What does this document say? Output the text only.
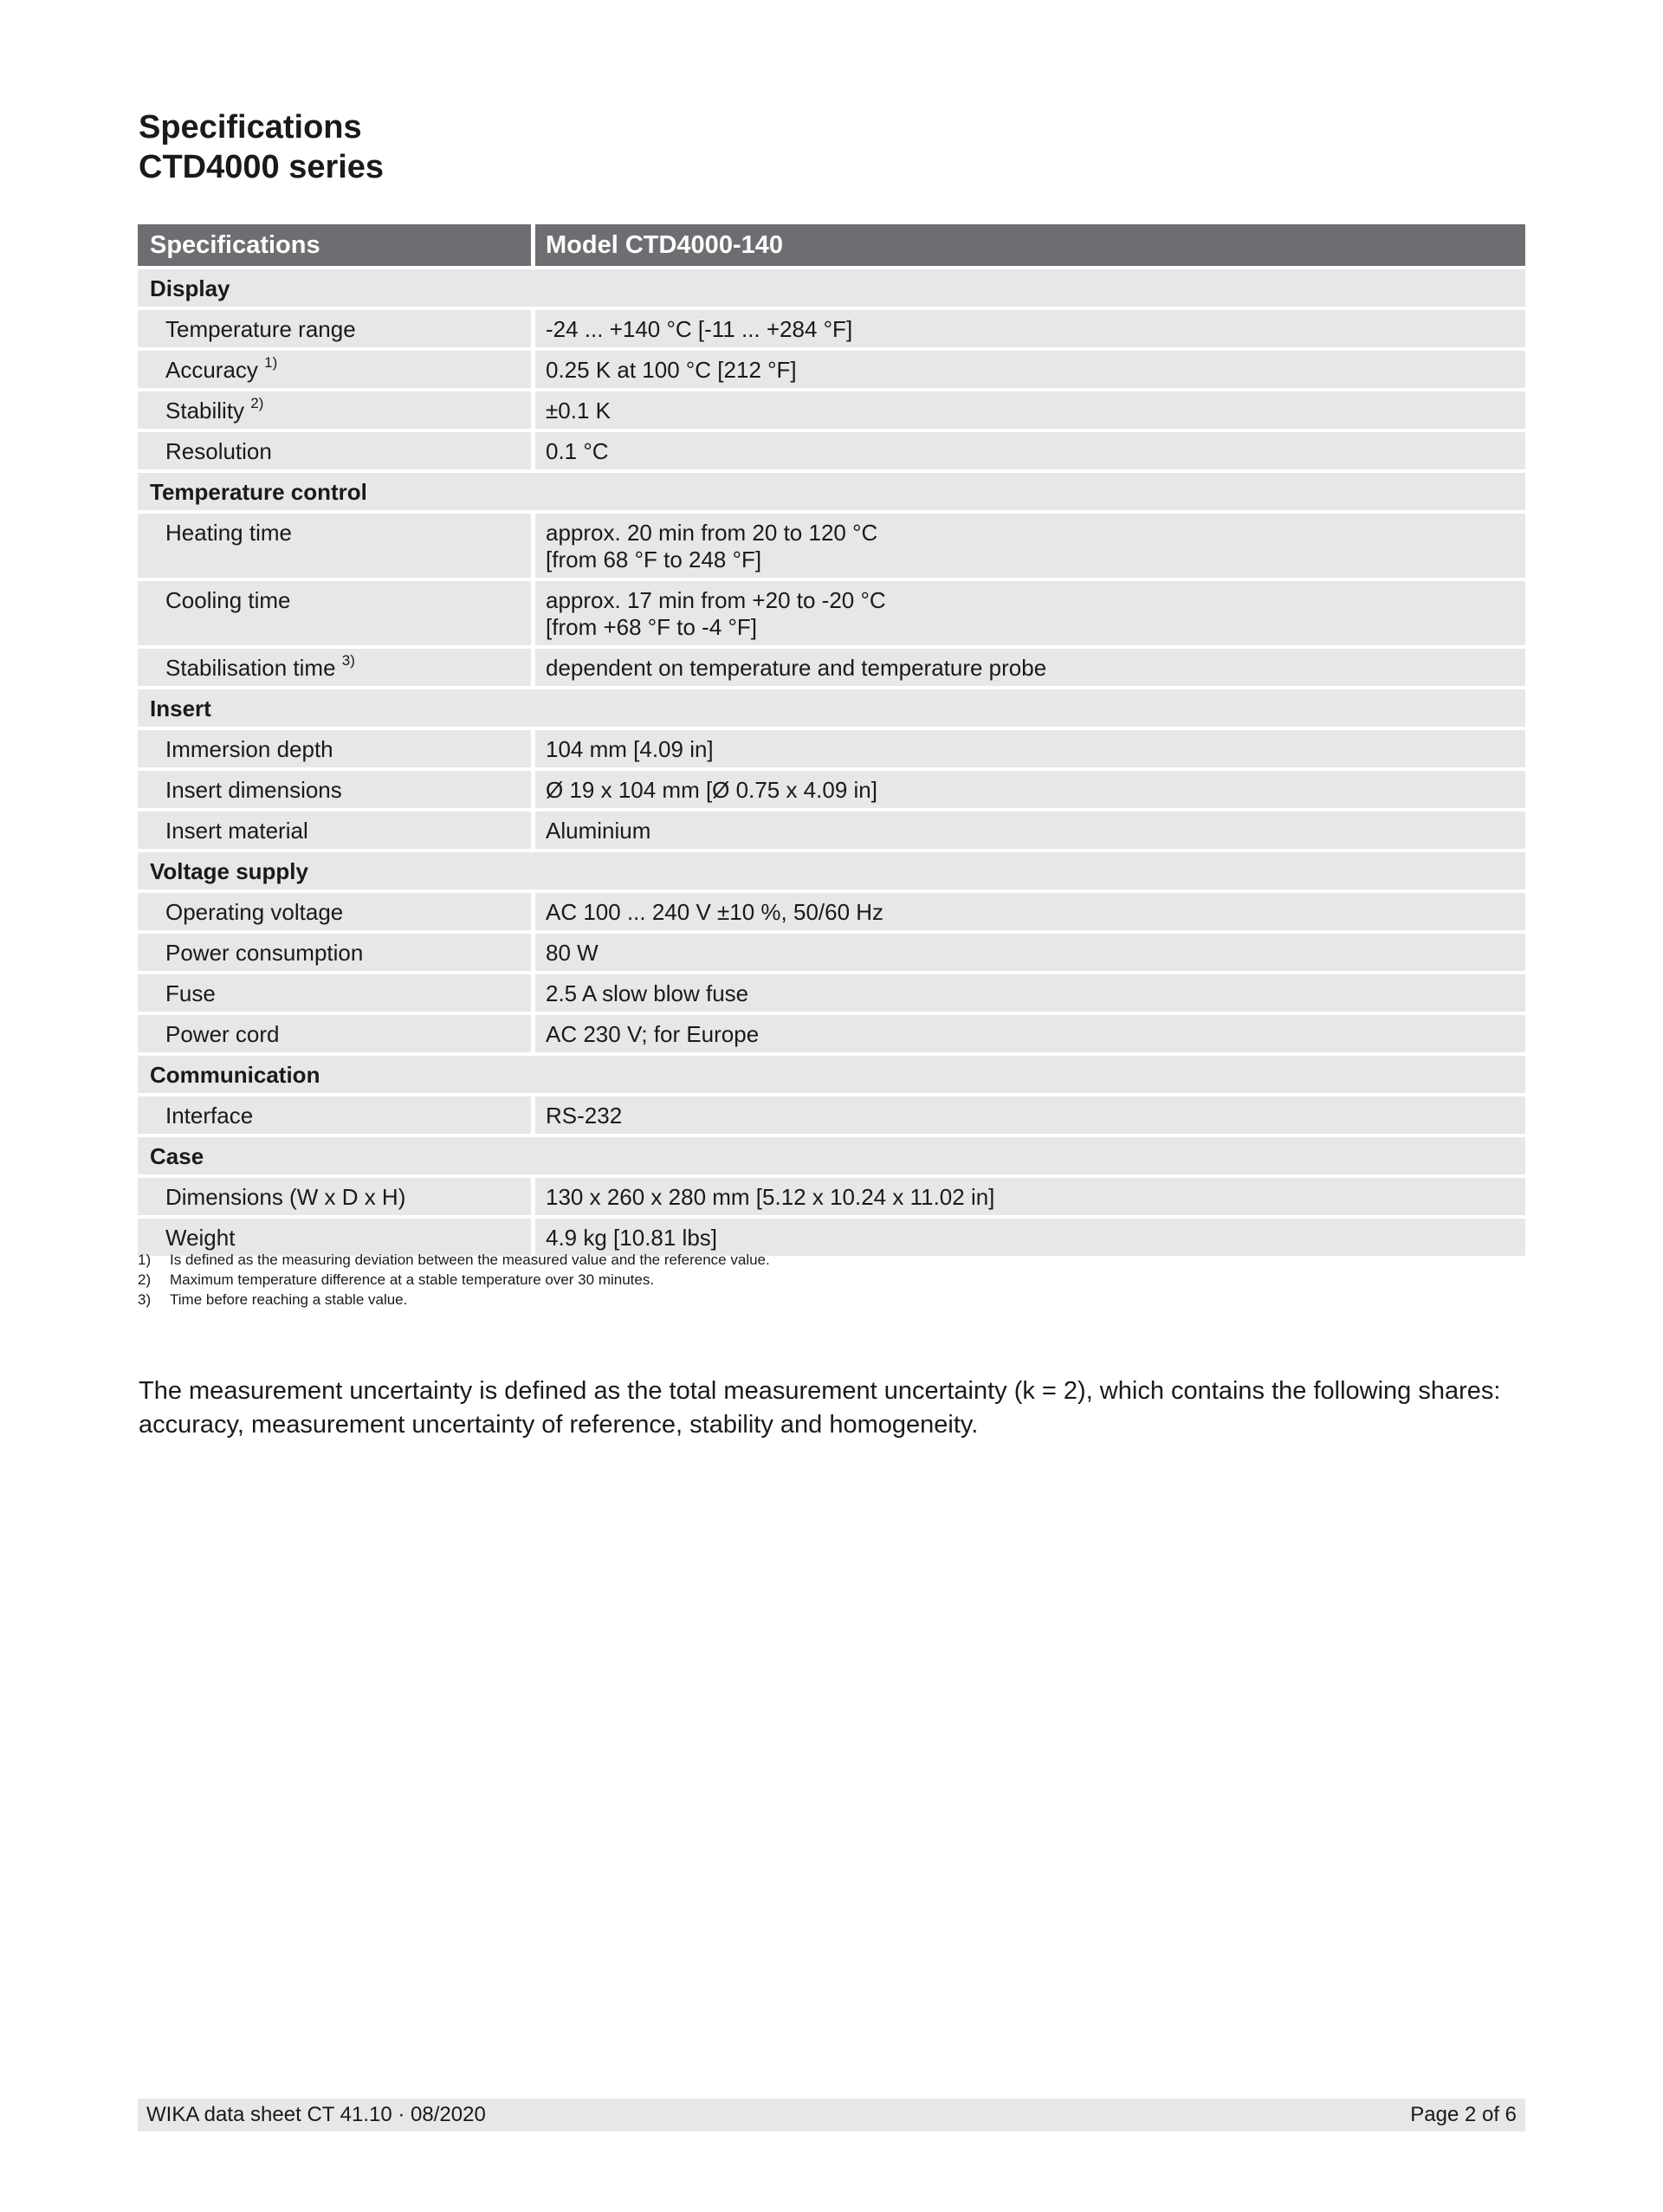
Specifications
CTD4000 series
Specifications	Model CTD4000-140
Display	
Temperature range	-24 ... +140 °C [-11 ... +284 °F]
Accuracy $^{1)}$	0.25 K at 100 °C [212 °F]
Stability $^{2)}$	±0.1 K
Resolution	0.1 °C
Temperature control	
Heating time	approx. 20 min from 20 to 120 °C
[from 68 °F to 248 °F]
Cooling time	approx. 17 min from +20 to -20 °C
[from +68 °F to -4 °F]
Stabilisation time $^{3)}$	dependent on temperature and temperature probe
Insert	
Immersion depth	104 mm [4.09 in]
Insert dimensions	Ø 19 x 104 mm [Ø 0.75 x 4.09 in]
Insert material	Aluminium
Voltage supply	
Operating voltage	AC 100 ... 240 V ±10 %, 50/60 Hz
Power consumption	80 W
Fuse	2.5 A slow blow fuse
Power cord	AC 230 V; for Europe
Communication	
Interface	RS-232
Case	
Dimensions (W x D x H)	130 x 260 x 280 mm [5.12 x 10.24 x 11.02 in]
Weight	4.9 kg [10.81 lbs]
1)	Is defined as the measuring deviation between the measured value and the reference value.
2)	Maximum temperature difference at a stable temperature over 30 minutes.
3)	Time before reaching a stable value.

The measurement uncertainty is defined as the total measurement uncertainty (k = 2), which contains the following shares: accuracy, measurement uncertainty of reference, stability and homogeneity.

WIKA data sheet CT 41.10 · 08/2020	Page 2 of 6
